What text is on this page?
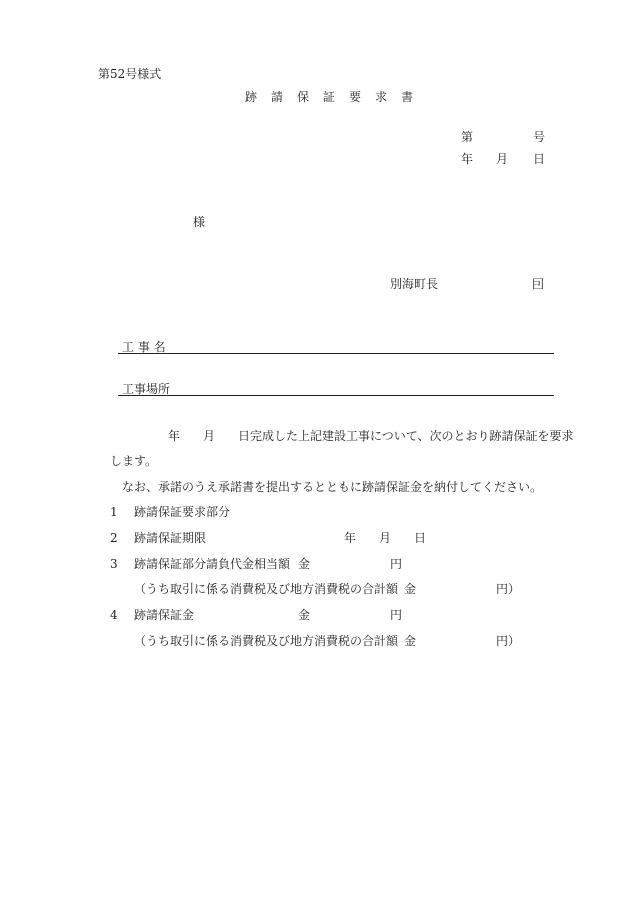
第52号様式
跡請保証要求書
第	号
年 月 日
様
別海町長	囙
工 事 名
工事場所
年 月 日完成した上記建設工事について、次のとおり跡請保証を要求
します。
なお、承諾のうえ承諾書を提出するとともに跡請保証金を納付してください。
1 跡請保証要求部分
2 跡請保証期限	年 月 日
3 跡請保証部分請負代金相当額 金	円
（うち取引に係る消費税及び地方消費税の合計額 金	円）
4 跡請保証金	金	円
（うち取引に係る消費税及び地方消費税の合計額 金	円）
